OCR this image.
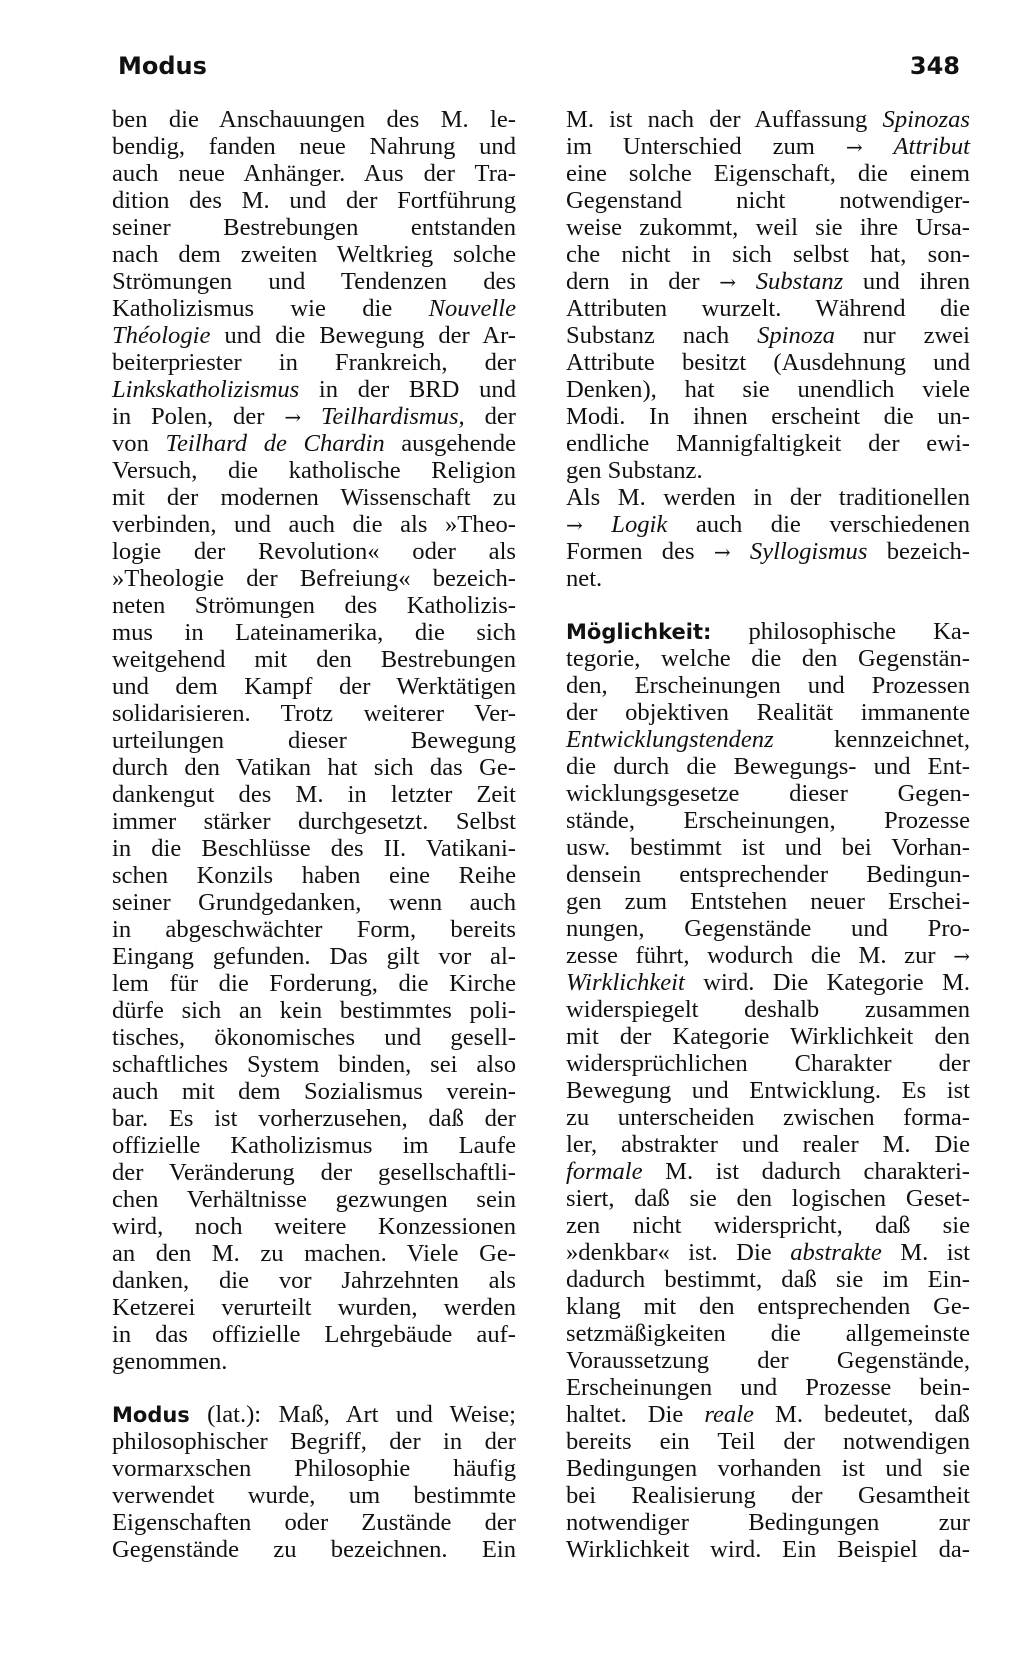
Modus	348
ben die Anschauungen des M. le-
bendig, fanden neue Nahrung und
auch neue Anhänger. Aus der Tra-
dition des M. und der Fortführung
seiner Bestrebungen entstanden
nach dem zweiten Weltkrieg solche
Strömungen und Tendenzen des
Katholizismus wie die Nouvelle
Théologie und die Bewegung der Ar-
beiterpriester in Frankreich, der
Linkskatholizismus in der BRD und
in Polen, der → Teilhardismus, der
von Teilhard de Chardin ausgehende
Versuch, die katholische Religion
mit der modernen Wissenschaft zu
verbinden, und auch die als »Theo-
logie der Revolution« oder als
»Theologie der Befreiung« bezeich-
neten Strömungen des Katholizis-
mus in Lateinamerika, die sich
weitgehend mit den Bestrebungen
und dem Kampf der Werktätigen
solidarisieren. Trotz weiterer Ver-
urteilungen dieser Bewegung
durch den Vatikan hat sich das Ge-
dankengut des M. in letzter Zeit
immer stärker durchgesetzt. Selbst
in die Beschlüsse des II. Vatikani-
schen Konzils haben eine Reihe
seiner Grundgedanken, wenn auch
in abgeschwächter Form, bereits
Eingang gefunden. Das gilt vor al-
lem für die Forderung, die Kirche
dürfe sich an kein bestimmtes poli-
tisches, ökonomisches und gesell-
schaftliches System binden, sei also
auch mit dem Sozialismus verein-
bar. Es ist vorherzusehen, daß der
offizielle Katholizismus im Laufe
der Veränderung der gesellschaftli-
chen Verhältnisse gezwungen sein
wird, noch weitere Konzessionen
an den M. zu machen. Viele Ge-
danken, die vor Jahrzehnten als
Ketzerei verurteilt wurden, werden
in das offizielle Lehrgebäude auf-
genommen.
Modus (lat.): Maß, Art und Weise;
philosophischer Begriff, der in der
vormarxschen Philosophie häufig
verwendet wurde, um bestimmte
Eigenschaften oder Zustände der
Gegenstände zu bezeichnen. Ein
M. ist nach der Auffassung Spinozas
im Unterschied zum → Attribut
eine solche Eigenschaft, die einem
Gegenstand nicht notwendiger-
weise zukommt, weil sie ihre Ursa-
che nicht in sich selbst hat, son-
dern in der → Substanz und ihren
Attributen wurzelt. Während die
Substanz nach Spinoza nur zwei
Attribute besitzt (Ausdehnung und
Denken), hat sie unendlich viele
Modi. In ihnen erscheint die un-
endliche Mannigfaltigkeit der ewi-
gen Substanz.
Als M. werden in der traditionellen
→ Logik auch die verschiedenen
Formen des → Syllogismus bezeich-
net.
Möglichkeit: philosophische Ka-
tegorie, welche die den Gegenstän-
den, Erscheinungen und Prozessen
der objektiven Realität immanente
Entwicklungstendenz kennzeichnet,
die durch die Bewegungs- und Ent-
wicklungsgesetze dieser Gegen-
stände, Erscheinungen, Prozesse
usw. bestimmt ist und bei Vorhan-
densein entsprechender Bedingun-
gen zum Entstehen neuer Erschei-
nungen, Gegenstände und Pro-
zesse führt, wodurch die M. zur →
Wirklichkeit wird. Die Kategorie M.
widerspiegelt deshalb zusammen
mit der Kategorie Wirklichkeit den
widersprüchlichen Charakter der
Bewegung und Entwicklung. Es ist
zu unterscheiden zwischen forma-
ler, abstrakter und realer M. Die
formale M. ist dadurch charakteri-
siert, daß sie den logischen Geset-
zen nicht widerspricht, daß sie
»denkbar« ist. Die abstrakte M. ist
dadurch bestimmt, daß sie im Ein-
klang mit den entsprechenden Ge-
setzmäßigkeiten die allgemeinste
Voraussetzung der Gegenstände,
Erscheinungen und Prozesse bein-
haltet. Die reale M. bedeutet, daß
bereits ein Teil der notwendigen
Bedingungen vorhanden ist und sie
bei Realisierung der Gesamtheit
notwendiger Bedingungen zur
Wirklichkeit wird. Ein Beispiel da-
